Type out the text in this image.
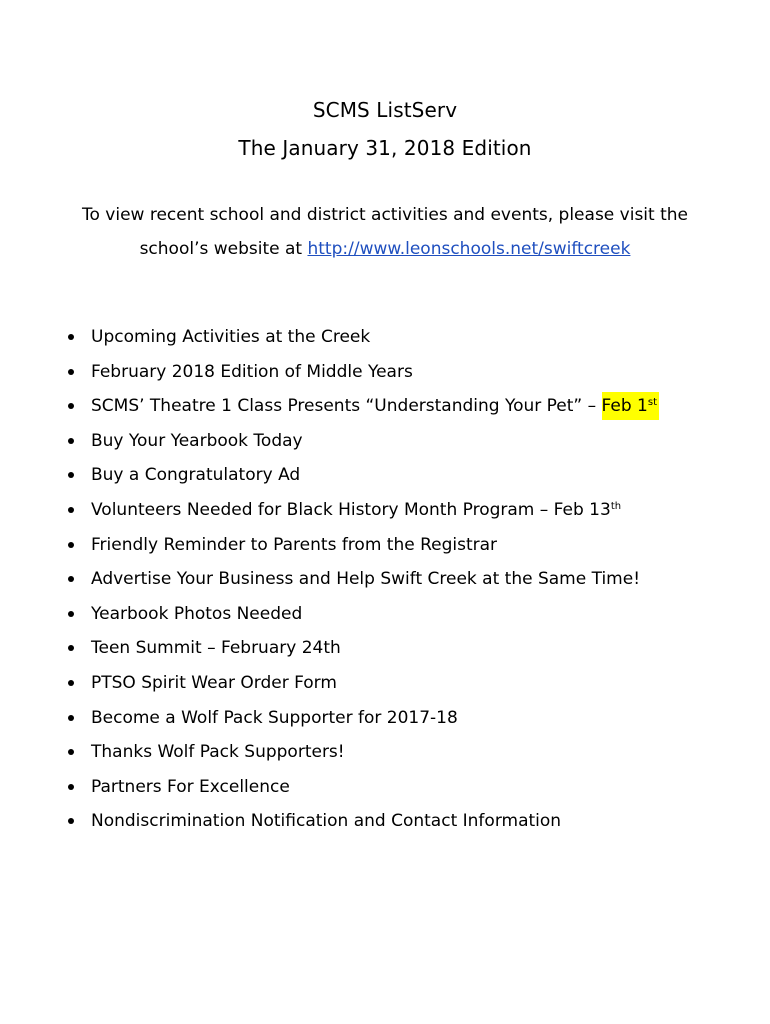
SCMS ListServ
The January 31, 2018 Edition
To view recent school and district activities and events, please visit the school’s website at http://www.leonschools.net/swiftcreek
Upcoming Activities at the Creek
February 2018 Edition of Middle Years
SCMS’ Theatre 1 Class Presents “Understanding Your Pet” – Feb 1st
Buy Your Yearbook Today
Buy a Congratulatory Ad
Volunteers Needed for Black History Month Program – Feb 13th
Friendly Reminder to Parents from the Registrar
Advertise Your Business and Help Swift Creek at the Same Time!
Yearbook Photos Needed
Teen Summit – February 24th
PTSO Spirit Wear Order Form
Become a Wolf Pack Supporter for 2017-18
Thanks Wolf Pack Supporters!
Partners For Excellence
Nondiscrimination Notification and Contact Information
